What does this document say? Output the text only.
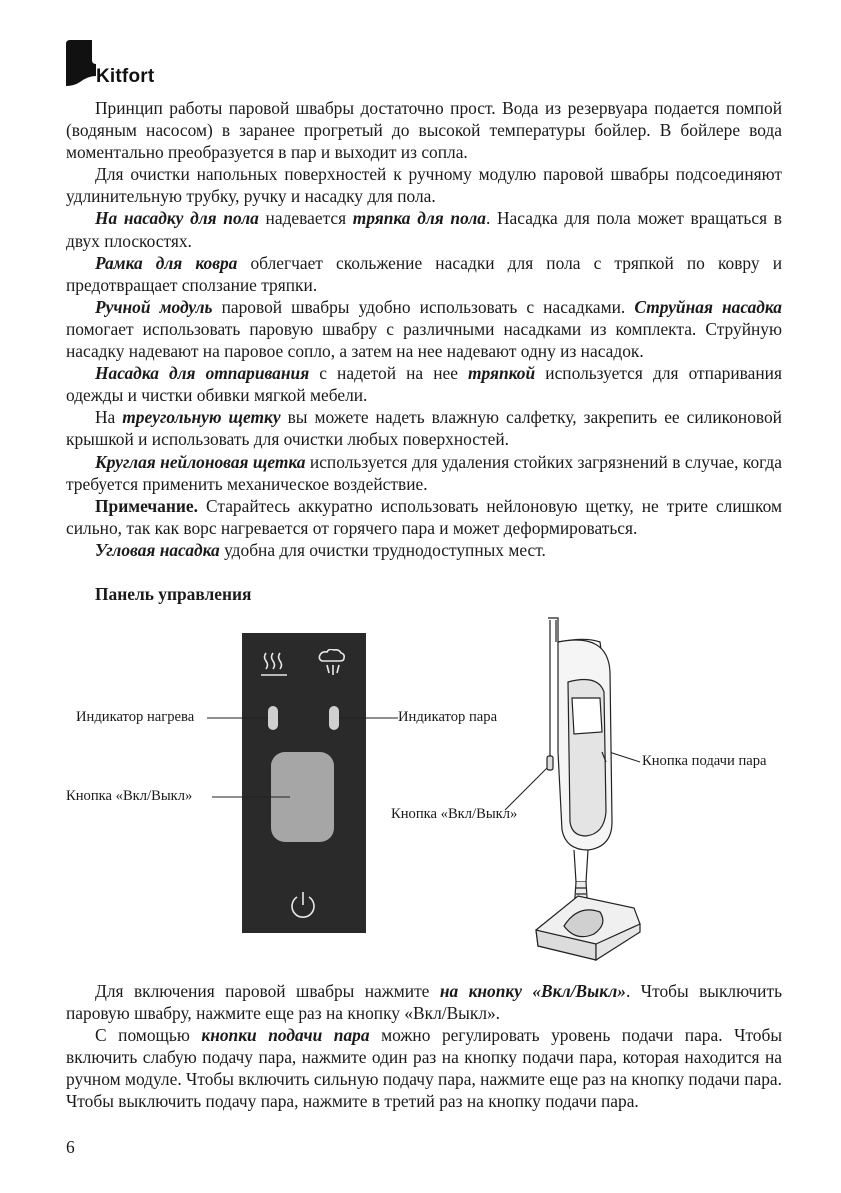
Kitfort

Принцип работы паровой швабры достаточно прост. Вода из резервуара подается помпой (водяным насосом) в заранее прогретый до высокой температуры бойлер. В бойлере вода моментально преобразуется в пар и выходит из сопла.

Для очистки напольных поверхностей к ручному модулю паровой швабры подсоединяют удлинительную трубку, ручку и насадку для пола.

На насадку для пола надевается тряпка для пола. Насадка для пола может вращаться в двух плоскостях.

Рамка для ковра облегчает скольжение насадки для пола с тряпкой по ковру и предотвращает сползание тряпки.

Ручной модуль паровой швабры удобно использовать с насадками. Струйная насадка помогает использовать паровую швабру с различными насадками из комплекта. Струйную насадку надевают на паровое сопло, а затем на нее надевают одну из насадок.

Насадка для отпаривания с надетой на нее тряпкой используется для отпаривания одежды и чистки обивки мягкой мебели.

На треугольную щетку вы можете надеть влажную салфетку, закрепить ее силиконовой крышкой и использовать для очистки любых поверхностей.

Круглая нейлоновая щетка используется для удаления стойких загрязнений в случае, когда требуется применить механическое воздействие.

Примечание. Старайтесь аккуратно использовать нейлоновую щетку, не трите слишком сильно, так как ворс нагревается от горячего пара и может деформироваться.

Угловая насадка удобна для очистки труднодоступных мест.

Панель управления
Индикатор нагрева	Индикатор пара
Кнопка «Вкл/Выкл»
Кнопка подачи пара
Кнопка «Вкл/Выкл»

Для включения паровой швабры нажмите на кнопку «Вкл/Выкл». Чтобы выключить паровую швабру, нажмите еще раз на кнопку «Вкл/Выкл».

С помощью кнопки подачи пара можно регулировать уровень подачи пара. Чтобы включить слабую подачу пара, нажмите один раз на кнопку подачи пара, которая находится на ручном модуле. Чтобы включить сильную подачу пара, нажмите еще раз на кнопку подачи пара. Чтобы выключить подачу пара, нажмите в третий раз на кнопку подачи пара.

6
